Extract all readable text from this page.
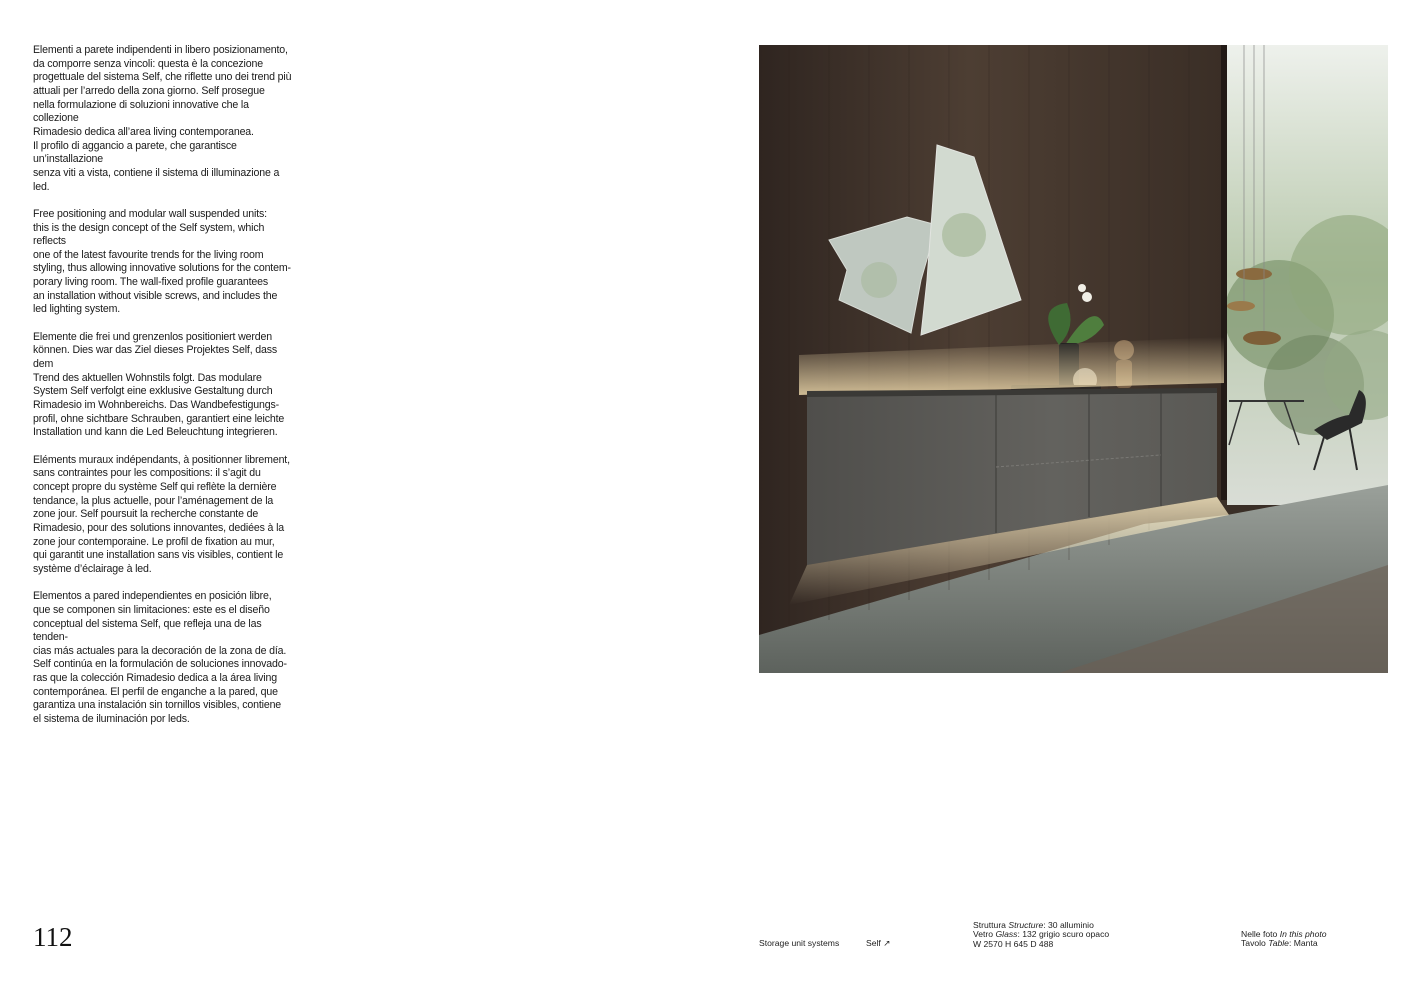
Elementi a parete indipendenti in libero posizionamento,
da comporre senza vincoli: questa è la concezione
progettuale del sistema Self, che riflette uno dei trend più
attuali per l’arredo della zona giorno. Self prosegue
nella formulazione di soluzioni innovative che la collezione
Rimadesio dedica all’area living contemporanea.
Il profilo di aggancio a parete, che garantisce un’installazione
senza viti a vista, contiene il sistema di illuminazione a led.

Free positioning and modular wall suspended units:
this is the design concept of the Self system, which reflects
one of the latest favourite trends for the living room
styling, thus allowing innovative solutions for the contem-
porary living room. The wall-fixed profile guarantees
an installation without visible screws, and includes the
led lighting system.

Elemente die frei und grenzenlos positioniert werden
können. Dies war das Ziel dieses Projektes Self, dass dem
Trend des aktuellen Wohnstils folgt. Das modulare
System Self verfolgt eine exklusive Gestaltung durch
Rimadesio im Wohnbereichs. Das Wandbefestigungs-
profil, ohne sichtbare Schrauben, garantiert eine leichte
Installation und kann die Led Beleuchtung integrieren.

Eléments muraux indépendants, à positionner librement,
sans contraintes pour les compositions: il s’agit du
concept propre du système Self qui reflète la dernière
tendance, la plus actuelle, pour l’aménagement de la
zone jour. Self poursuit la recherche constante de
Rimadesio, pour des solutions innovantes, dediées à la
zone jour contemporaine. Le profil de fixation au mur,
qui garantit une installation sans vis visibles, contient le
système d’éclairage à led.

Elementos a pared independientes en posición libre,
que se componen sin limitaciones: este es el diseño
conceptual del sistema Self, que refleja una de las tenden-
cias más actuales para la decoración de la zona de día.
Self continúa en la formulación de soluciones innovado-
ras que la colección Rimadesio dedica a la área living
contemporánea. El perfil de enganche a la pared, que
garantiza una instalación sin tornillos visibles, contiene
el sistema de iluminación por leds.

112	Storage unit systems	Self ↗
Struttura Structure: 30 alluminio
Vetro Glass: 132 grigio scuro opaco
W 2570 H 645 D 488
Nelle foto In this photo
Tavolo Table: Manta
